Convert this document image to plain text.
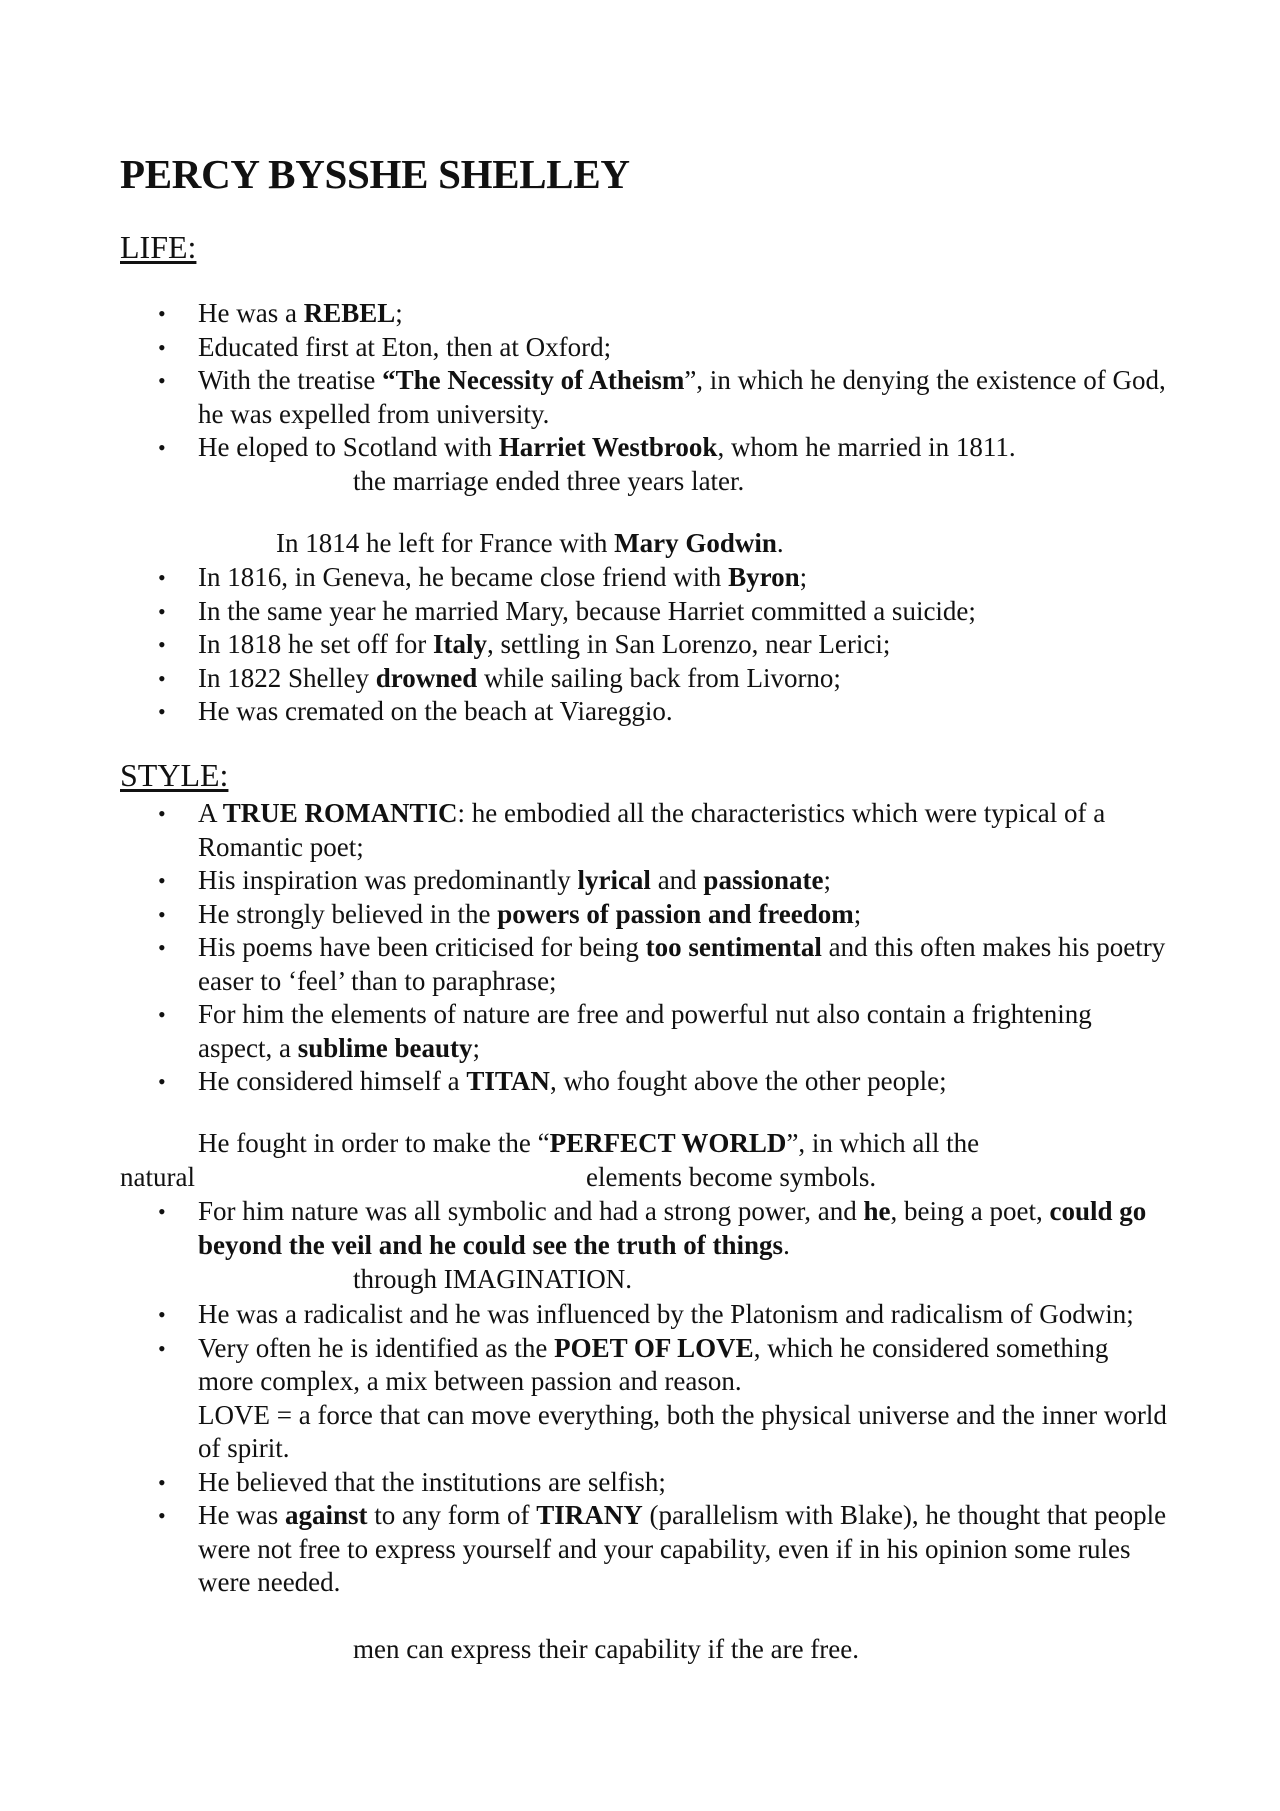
PERCY BYSSHE SHELLEY
LIFE:
• He was a REBEL;
• Educated first at Eton, then at Oxford;
• With the treatise “The Necessity of Atheism”, in which he denying the existence of God, he was expelled from university.
• He eloped to Scotland with Harriet Westbrook, whom he married in 1811.

the marriage ended three years later.

In 1814 he left for France with Mary Godwin.

• In 1816, in Geneva, he became close friend with Byron;
• In the same year he married Mary, because Harriet committed a suicide;
• In 1818 he set off for Italy, settling in San Lorenzo, near Lerici;
• In 1822 Shelley drowned while sailing back from Livorno;
• He was cremated on the beach at Viareggio.
STYLE:
• A TRUE ROMANTIC: he embodied all the characteristics which were typical of a Romantic poet;
• His inspiration was predominantly lyrical and passionate;
• He strongly believed in the powers of passion and freedom;
• His poems have been criticised for being too sentimental and this often makes his poetry easer to ‘feel’ than to paraphrase;
• For him the elements of nature are free and powerful nut also contain a frightening aspect, a sublime beauty;
• He considered himself a TITAN, who fought above the other people;

He fought in order to make the “PERFECT WORLD”, in which all the

natural	elements become symbols.

• For him nature was all symbolic and had a strong power, and he, being a poet, could go beyond the veil and he could see the truth of things.

through IMAGINATION.

• He was a radicalist and he was influenced by the Platonism and radicalism of Godwin;
• Very often he is identified as the POET OF LOVE, which he considered something more complex, a mix between passion and reason.
LOVE = a force that can move everything, both the physical universe and the inner world of spirit.
• He believed that the institutions are selfish;
• He was against to any form of TIRANY (parallelism with Blake), he thought that people were not free to express yourself and your capability, even if in his opinion some rules were needed.

men can express their capability if the are free.
